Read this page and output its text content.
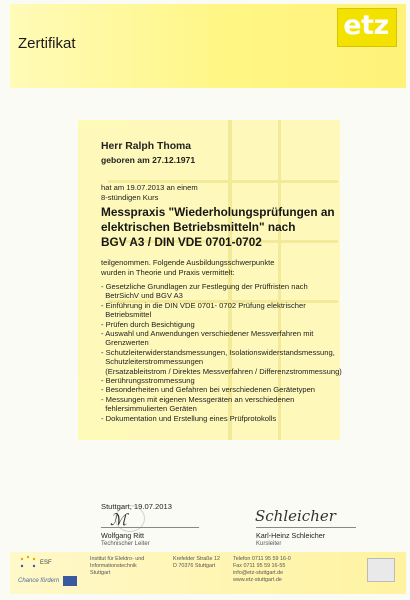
etz
Zertifikat
Herr Ralph Thoma
geboren am 27.12.1971
hat am 19.07.2013 an einem
8-stündigen Kurs
Messpraxis "Wiederholungsprüfungen an
elektrischen Betriebsmitteln" nach
BGV A3 / DIN VDE 0701-0702
teilgenommen. Folgende Ausbildungsschwerpunkte
wurden in Theorie und Praxis vermittelt:
- Gesetzliche Grundlagen zur Festlegung der Prüffristen nach
BetrSichV und BGV A3
- Einführung in die DIN VDE 0701- 0702 Prüfung elektrischer
Betriebsmittel
- Prüfen durch Besichtigung
- Auswahl und Anwendungen verschiedener Messverfahren mit
Grenzwerten
- Schutzleiterwiderstandsmessungen, Isolationswiderstandsmessung,
Schutzleiterstrommessungen
(Ersatzableitstrom / Direktes Messverfahren / Differenzstrommessung)
- Berührungsstrommessung
- Besonderheiten und Gefahren bei verschiedenen Gerätetypen
- Messungen mit eigenen Messgeräten an verschiedenen
fehlersimmulierten Geräten
- Dokumentation und Erstellung eines Prüfprotokolls
Stuttgart, 19.07.2013
ℳ	Schleicher
Wolfgang Ritt
Technischer Leiter
Karl-Heinz Schleicher
Kursleiter
ESF
Chance fördern
Institut für Elektro- und
Informationstechnik
Stuttgart
Krefelder Straße 12
D 70376 Stuttgart
Telefon 0711 95 59 16-0
Fax 0711 95 59 16-55
info@etz-stuttgart.de
www.etz-stuttgart.de
